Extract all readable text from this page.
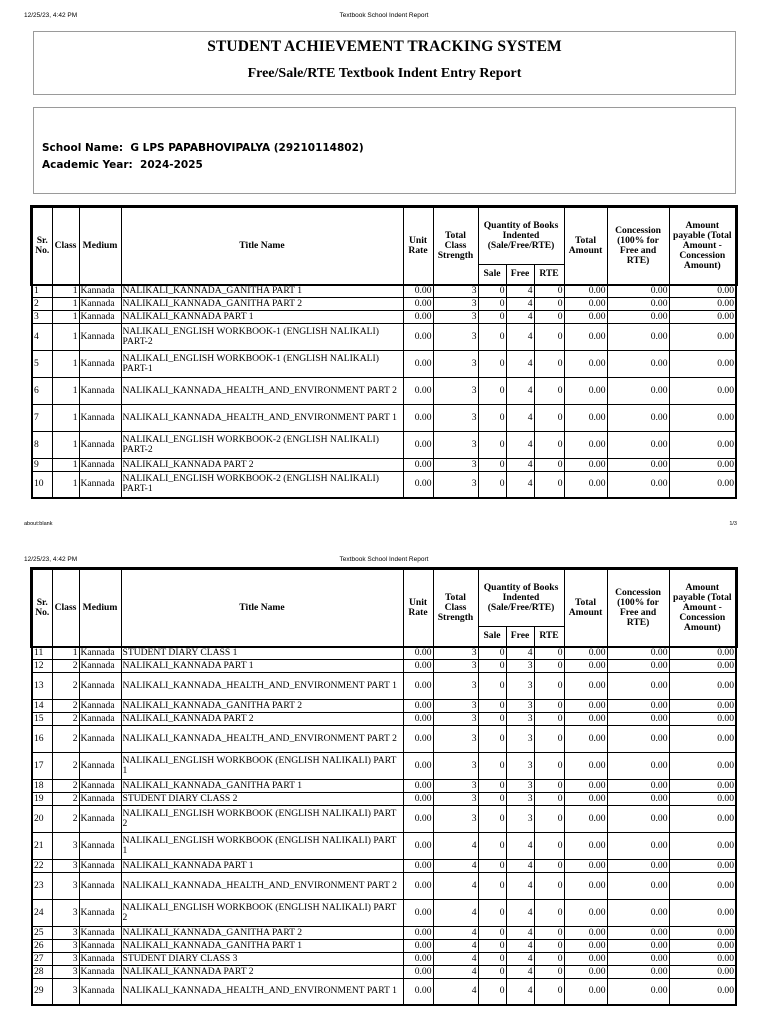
12/25/23, 4:42 PM	Textbook School Indent Report
STUDENT ACHIEVEMENT TRACKING SYSTEM
Free/Sale/RTE Textbook Indent Entry Report
School Name: G LPS PAPABHOVIPALYA (29210114802)
Academic Year: 2024-2025
Sr. No.	Class	Medium	Title Name	Unit Rate	Total Class Strength	Quantity of Books Indented (Sale/Free/RTE)			Total Amount	Concession (100% for Free and RTE)	Amount payable (Total Amount - Concession Amount)
						Sale	Free	RTE			
1	1	Kannada	NALIKALI_KANNADA_GANITHA PART 1	0.00	3	0	4	0	0.00	0.00	0.00
2	1	Kannada	NALIKALI_KANNADA_GANITHA PART 2	0.00	3	0	4	0	0.00	0.00	0.00
3	1	Kannada	NALIKALI_KANNADA PART 1	0.00	3	0	4	0	0.00	0.00	0.00
4	1	Kannada	NALIKALI_ENGLISH WORKBOOK-1 (ENGLISH NALIKALI) PART-2	0.00	3	0	4	0	0.00	0.00	0.00
5	1	Kannada	NALIKALI_ENGLISH WORKBOOK-1 (ENGLISH NALIKALI) PART-1	0.00	3	0	4	0	0.00	0.00	0.00
6	1	Kannada	NALIKALI_KANNADA_HEALTH_AND_ENVIRONMENT PART 2	0.00	3	0	4	0	0.00	0.00	0.00
7	1	Kannada	NALIKALI_KANNADA_HEALTH_AND_ENVIRONMENT PART 1	0.00	3	0	4	0	0.00	0.00	0.00
8	1	Kannada	NALIKALI_ENGLISH WORKBOOK-2 (ENGLISH NALIKALI) PART-2	0.00	3	0	4	0	0.00	0.00	0.00
9	1	Kannada	NALIKALI_KANNADA PART 2	0.00	3	0	4	0	0.00	0.00	0.00
10	1	Kannada	NALIKALI_ENGLISH WORKBOOK-2 (ENGLISH NALIKALI) PART-1	0.00	3	0	4	0	0.00	0.00	0.00
about:blank	1/3
12/25/23, 4:42 PM	Textbook School Indent Report
Sr. No.	Class	Medium	Title Name	Unit Rate	Total Class Strength	Quantity of Books Indented (Sale/Free/RTE)			Total Amount	Concession (100% for Free and RTE)	Amount payable (Total Amount - Concession Amount)
						Sale	Free	RTE			
11	1	Kannada	STUDENT DIARY CLASS 1	0.00	3	0	4	0	0.00	0.00	0.00
12	2	Kannada	NALIKALI_KANNADA PART 1	0.00	3	0	3	0	0.00	0.00	0.00
13	2	Kannada	NALIKALI_KANNADA_HEALTH_AND_ENVIRONMENT PART 1	0.00	3	0	3	0	0.00	0.00	0.00
14	2	Kannada	NALIKALI_KANNADA_GANITHA PART 2	0.00	3	0	3	0	0.00	0.00	0.00
15	2	Kannada	NALIKALI_KANNADA PART 2	0.00	3	0	3	0	0.00	0.00	0.00
16	2	Kannada	NALIKALI_KANNADA_HEALTH_AND_ENVIRONMENT PART 2	0.00	3	0	3	0	0.00	0.00	0.00
17	2	Kannada	NALIKALI_ENGLISH WORKBOOK (ENGLISH NALIKALI) PART 1	0.00	3	0	3	0	0.00	0.00	0.00
18	2	Kannada	NALIKALI_KANNADA_GANITHA PART 1	0.00	3	0	3	0	0.00	0.00	0.00
19	2	Kannada	STUDENT DIARY CLASS 2	0.00	3	0	3	0	0.00	0.00	0.00
20	2	Kannada	NALIKALI_ENGLISH WORKBOOK (ENGLISH NALIKALI) PART 2	0.00	3	0	3	0	0.00	0.00	0.00
21	3	Kannada	NALIKALI_ENGLISH WORKBOOK (ENGLISH NALIKALI) PART 1	0.00	4	0	4	0	0.00	0.00	0.00
22	3	Kannada	NALIKALI_KANNADA PART 1	0.00	4	0	4	0	0.00	0.00	0.00
23	3	Kannada	NALIKALI_KANNADA_HEALTH_AND_ENVIRONMENT PART 2	0.00	4	0	4	0	0.00	0.00	0.00
24	3	Kannada	NALIKALI_ENGLISH WORKBOOK (ENGLISH NALIKALI) PART 2	0.00	4	0	4	0	0.00	0.00	0.00
25	3	Kannada	NALIKALI_KANNADA_GANITHA PART 2	0.00	4	0	4	0	0.00	0.00	0.00
26	3	Kannada	NALIKALI_KANNADA_GANITHA PART 1	0.00	4	0	4	0	0.00	0.00	0.00
27	3	Kannada	STUDENT DIARY CLASS 3	0.00	4	0	4	0	0.00	0.00	0.00
28	3	Kannada	NALIKALI_KANNADA PART 2	0.00	4	0	4	0	0.00	0.00	0.00
29	3	Kannada	NALIKALI_KANNADA_HEALTH_AND_ENVIRONMENT PART 1	0.00	4	0	4	0	0.00	0.00	0.00
